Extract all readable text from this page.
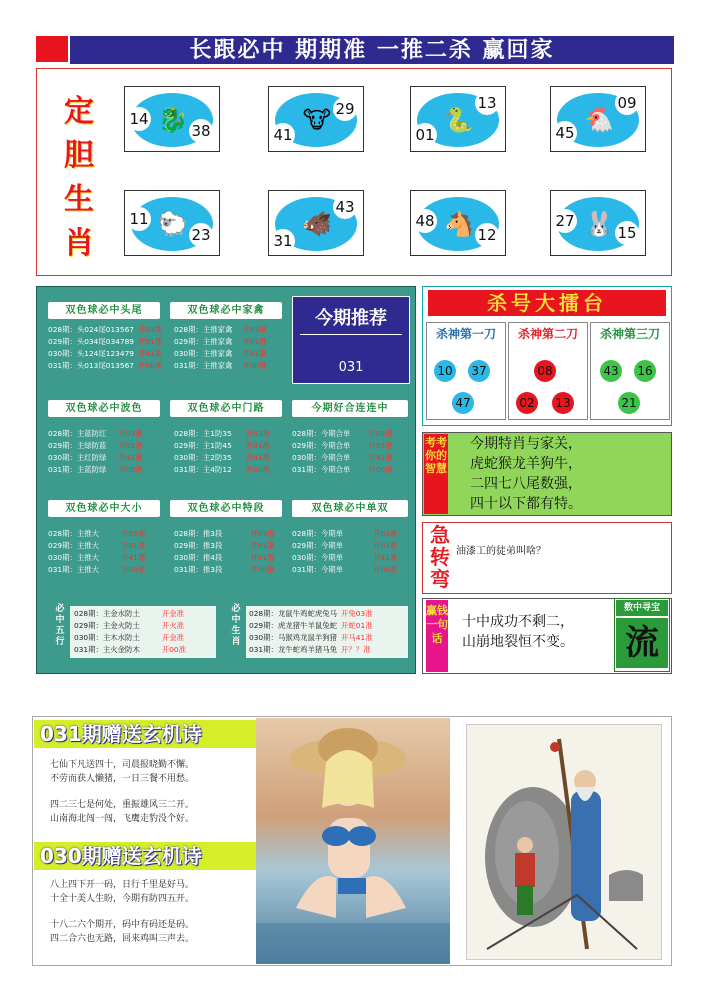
长跟必中 期期准 一推二杀 赢回家
定
胆
生
肖
🐉
14
38	🐮
41
29	🐍
01
13
🐔
45
09
🐑
11
23	🐗
31
43
🐴
48
12	🐰
27
15
双色球必中头尾
028期：头024尾013567 开03准
029期：头034尾034789 开01准
030期：头124尾123479 开41准
031期：头013尾013567 开00准
双色球必中家禽
028期：主推家禽 开03准
029期：主推家禽 开01准
030期：主推家禽 开41准
031期：主推家禽 开00准
今期推荐
031
双色球必中波色
028期：主蓝防红 开03准
029期：主绿防蓝 开01准
030期：主红防绿 开41准
031期：主蓝防绿 开00准
双色球必中门路
028期：主1防35 开03准
029期：主1防45 开01准
030期：主2防35 开41准
031期：主4防12 开00准
今期好合连连中
028期：今期合单 开03准
029期：今期合单 开01准
030期：今期合单 开41准
031期：今期合单 开00准
双色球必中大小
028期：主推大	开03准
029期：主推大	开01准
030期：主推大	开41准
031期：主推大	开00准
双色球必中特段
028期：推3段	开03准
029期：推3段	开01准
030期：推4段	开41准
031期：推3段	开00准
双色球必中单双
028期：今期单	开03准
029期：今期单	开01准
030期：今期单	开41准
031期：今期单	开00准
必中五行
028期：主金水防土	开金准
029期：主金火防土	开火准
030期：主木水防土	开金准
031期：主火金防木	开00准
必中生肖
028期：龙鼠牛鸡蛇虎兔马 开兔03准
029期：虎龙猪牛羊鼠兔蛇 开蛇01准
030期：马猴鸡龙鼠羊狗猪 开马41准
031期：龙牛蛇鸡羊猪马兔 开？？准
杀号大擂台
杀神第一刀
10 37
47
杀神第二刀
08
02 13
杀神第三刀
43 16
21
考考你的智慧
今期特肖与家关，
虎蛇猴龙羊狗牛，
二四七八尾数强，
四十以下都有特。
急转弯
油漆工的徒弟叫啥？
赢钱一句话
十中成功不剩二，
山崩地裂恒不变。
数中寻宝
流
031期赠送玄机诗
七仙下凡送四十，司晨报晓勤不懈。
不劳而获人懒猪，一日三餐不用愁。
四二三七是何处，重振雄风三二开。
山南海北闯一闯，飞鹰走豹没个好。
030期赠送玄机诗
八上四下开一码，日行千里是好马。
十全十美人生盼，今期有防四五开。
十八二六个期开，码中有码还是码。
四二合六也无路，回来鸡叫三声去。
